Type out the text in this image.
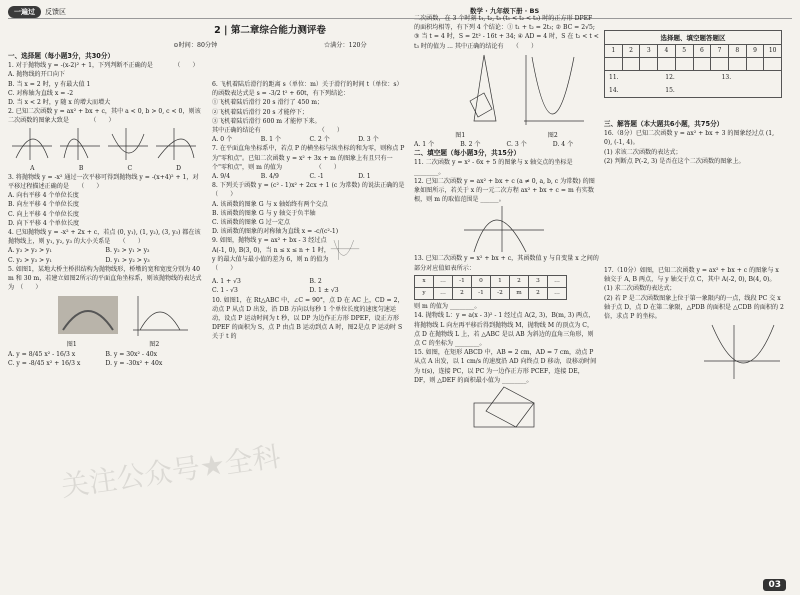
一遍过	反馈区	数学 · 九年级下册 · BS
2 | 第二章综合能力测评卷
⊙时间：80分钟	☆满分：120分

一、选择题（每小题3分，共30分）

1. 对于抛物线 y = -(x-2)² + 1，下列判断不正确的是　　　　（　　）

A. 抛物线的开口向下
B. 当 x = 2 时，y 有最大值 1
C. 对称轴为直线 x = -2
D. 当 x < 2 时，y 随 x 的增大而增大

2. 已知二次函数 y = ax² + bx + c，其中 a < 0, b > 0, c < 0，则该二次函数的图象大致是　　　　（　　）

A	B	C	D

3. 将抛物线 y = -x² 通过一次平移可得到抛物线 y = -(x+4)² + 1，对平移过程描述正确的是　　（　　）

A. 向右平移 4 个单位长度
B. 向左平移 4 个单位长度
C. 向上平移 4 个单位长度
D. 向下平移 4 个单位长度

4. 已知抛物线 y = -x² + 2x + c，若点 (0, y₁), (1, y₂), (3, y₃) 都在该抛物线上，则 y₁, y₂, y₃ 的大小关系是　　（　　）

A. y₃ > y₂ > y₁	B. y₂ > y₁ > y₃
C. y₂ > y₃ > y₁	D. y₁ > y₂ > y₃

5. 如图1，某地大桥主桥拱结构为抛物线形，桥墩的宽和宽度分别为 40 m 和 30 m，若建立如图2所示的平面直角坐标系，则该抛物线的表达式为　（　　）

图1	图2
A. y = 8/45 x² - 16/3 x	B. y = 30x² - 40x
C. y = -8/45 x² + 16/3 x	D. y = -30x² + 40x

6. 飞机着陆后滑行的距离 s（单位：m）关于滑行的时间 t（单位：s）的函数表达式是 s = -3/2 t² + 60t，有下列结论：

①飞机着陆后滑行 20 s 滑行了 450 m；

②飞机着陆后滑行 20 s 才能停下；

③飞机着陆后滑行 600 m 才能停下来。

其中正确的结论有　　　　　　　　　　（　　）

A. 0 个	B. 1 个	C. 2 个	D. 3 个

7. 在平面直角坐标系中，若点 P 的横坐标与纵坐标的和为零，则称点 P 为"零和点"。已知二次函数 y = x² + 3x + m 的图象上有且只有一个"零和点"，则 m 的值为　　　　　　（　　）

A. 9/4	B. 4/9	C. -1	D. 1

8. 下列关于函数 y = (c² - 1)x² + 2cx + 1 (c 为常数) 的说法正确的是　　　　（　　）

A. 该函数的图象 G 与 x 轴始终有两个交点

B. 该函数的图象 G 与 y 轴交于负半轴

C. 该函数的图象 G 过一定点

D. 该函数的图象的对称轴为直线 x = -c/(c²-1)

9. 如图，抛物线 y = ax² + bx - 3 经过点 A(-1, 0), B(3, 0)，当 n ≤ x ≤ n + 1 时，y 的最大值与最小值的差为 6，则 n 的值为　　　　（　　）

A. 1 + √3	B. 2
C. 1 - √3	D. 1 ± √3

10. 如图1，在 Rt△ABC 中，∠C = 90°，点 D 在 AC 上，CD = 2，动点 P 从点 D 出发，沿 DB 方向以每秒 1 个单位长度的速度匀速运动，设点 P 运动时间为 t 秒，以 DP 为边作正方形 DPEF，设正方形 DPEF 的面积为 S，点 P 由点 B 运动到点 A 时，图2是点 P 运动时 S 关于 t 的

二次函数，在 3 个时刻 t₁, t₂, t₃ (t₁ < t₂ < t₃) 时的正方形 DPEF 的面积均相等，有下列 4 个结论：① t₁ + t₂ = 2t₃; ② BC = 2√5; ③ 当 t = 4 时，S = 2t² - 16t + 34; ④ AD = 4 时，S 在 t₂ < t < t₃ 时的值为 ... 其中正确的结论有　　（　　）

图1	图2
A. 1 个	B. 2 个	C. 3 个	D. 4 个

二、填空题（每小题3分，共15分）

11. 二次函数 y = x² - 6x + 5 的图象与 x 轴交点的坐标是 ________。

12. 已知二次函数 y = ax² + bx + c (a ≠ 0, a, b, c 为常数) 的图象如图所示，若关于 x 的一元二次方程 ax² + bx + c = m 有实数根，则 m 的取值范围是 ______。

13. 已知二次函数 y = x² + bx + c，其函数值 y 与自变量 x 之间的部分对应值如表所示：

x	…	-1	0	1	2	3	…
y	…	2	-1	-2	m	2	…

则 m 的值为 ________。

14. 抛物线 L：y = a(x - 3)² - 1 经过点 A(2, 3)，B(m, 3) 两点，将抛物线 L 向左再平移后得到抛物线 M，抛物线 M 的顶点为 C，点 D 在抛物线 L 上，若 △ABC 是以 AB 为斜边的直角三角形，则点 C 的坐标为 ________。

15. 如图，在矩形 ABCD 中，AB = 2 cm，AD = 7 cm，动点 P 从点 A 出发，以 1 cm/s 的速度沿 AD 向终点 D 移动，设移动时间为 t(s)，连接 PC，以 PC 为一边作正方形 PCEF，连接 DE，DF，则 △DEF 的面积最小值为 ________。

选择题、填空题答题区
1	2	3	4	5	6	7	8	9	10
11.	12.	13.
14.	15.

三、解答题（本大题共6小题，共75分）

16.（8分）已知二次函数 y = ax² + bx + 3 的图象经过点 (1, 0), (-1, 4)。

(1) 求该二次函数的表达式；

(2) 判断点 P(-2, 3) 是否在这个二次函数的图象上。

17.（10分）如图，已知二次函数 y = ax² + bx + c 的图象与 x 轴交于 A, B 两点，与 y 轴交于点 C，其中 A(-2, 0), B(4, 0)。

(1) 求二次函数的表达式；

(2) 若 P 是二次函数图象上位于第一象限内的一点，线段 PC 交 x 轴于点 D，点 D 在第二象限，△PDB 的面积是 △CDB 的面积的 2 倍，求点 P 的坐标。

关注公众号★全科
03
